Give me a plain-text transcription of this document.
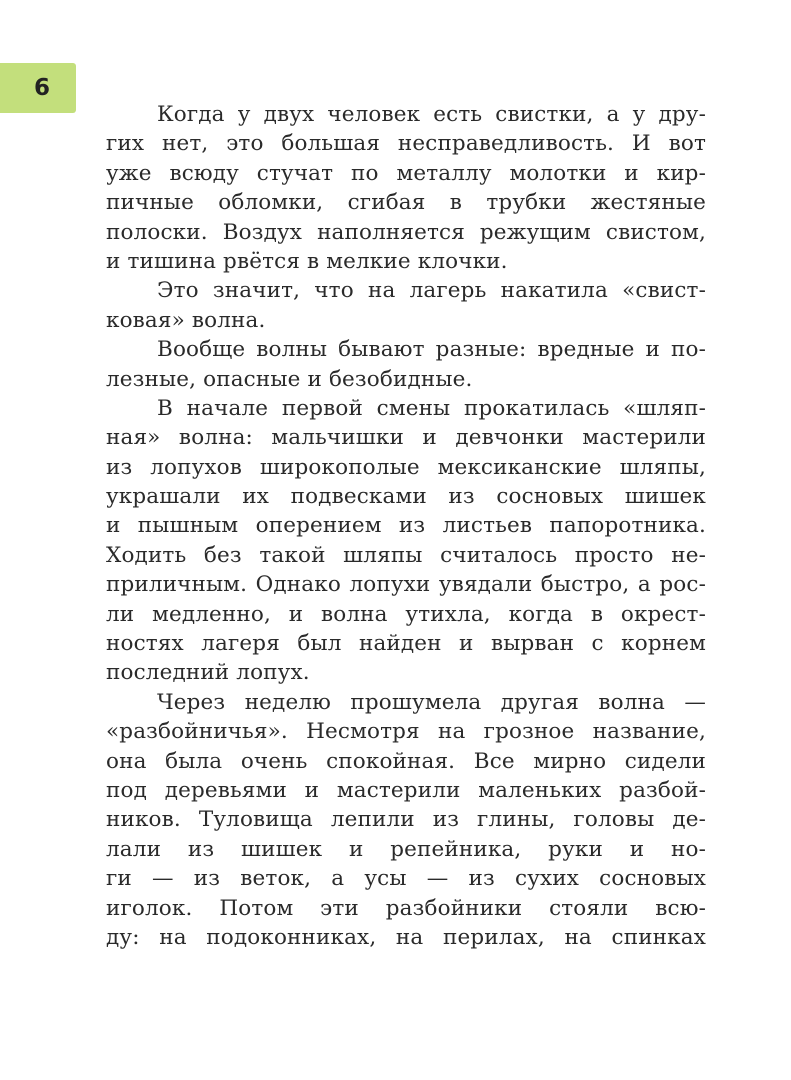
6
Когда у двух человек есть свистки, а у дру-
гих нет, это большая несправедливость. И вот
уже всюду стучат по металлу молотки и кир-
пичные обломки, сгибая в трубки жестяные
полоски. Воздух наполняется режущим свистом,
и тишина рвётся в мелкие клочки.
Это значит, что на лагерь накатила «свист-
ковая» волна.
Вообще волны бывают разные: вредные и по-
лезные, опасные и безобидные.
В начале первой смены прокатилась «шляп-
ная» волна: мальчишки и девчонки мастерили
из лопухов широкополые мексиканские шляпы,
украшали их подвесками из сосновых шишек
и пышным оперением из листьев папоротника.
Ходить без такой шляпы считалось просто не-
приличным. Однако лопухи увядали быстро, а рос-
ли медленно, и волна утихла, когда в окрест-
ностях лагеря был найден и вырван с корнем
последний лопух.
Через неделю прошумела другая волна —
«разбойничья». Несмотря на грозное название,
она была очень спокойная. Все мирно сидели
под деревьями и мастерили маленьких разбой-
ников. Туловища лепили из глины, головы де-
лали из шишек и репейника, руки и но-
ги — из веток, а усы — из сухих сосновых
иголок. Потом эти разбойники стояли всю-
ду: на подоконниках, на перилах, на спинках
